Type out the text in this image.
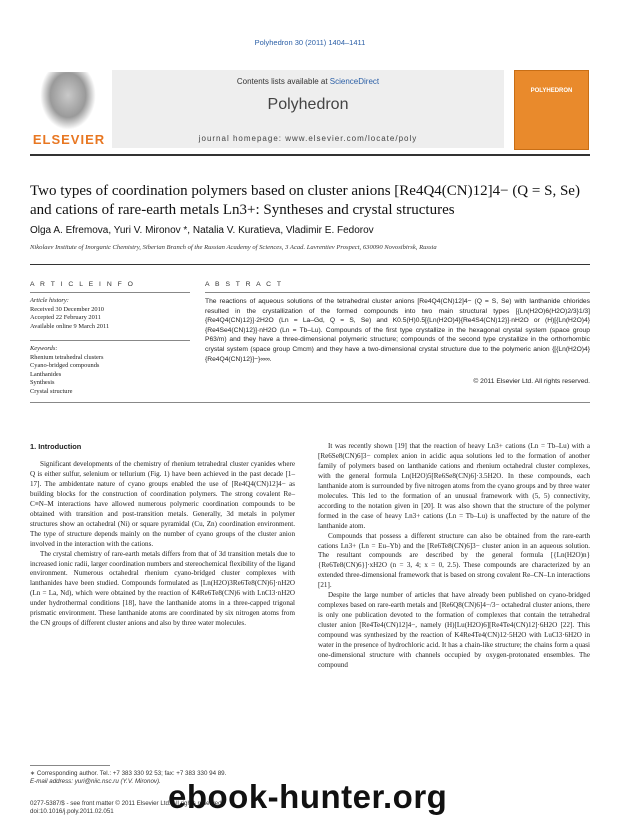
Polyhedron 30 (2011) 1404–1411
ELSEVIER
Contents lists available at ScienceDirect
Polyhedron
journal homepage: www.elsevier.com/locate/poly
POLYHEDRON
Two types of coordination polymers based on cluster anions [Re4Q4(CN)12]4− (Q = S, Se) and cations of rare-earth metals Ln3+: Syntheses and crystal structures
Olga A. Efremova, Yuri V. Mironov *, Natalia V. Kuratieva, Vladimir E. Fedorov
Nikolaev Institute of Inorganic Chemistry, Siberian Branch of the Russian Academy of Sciences, 3 Acad. Lavrentiev Prospect, 630090 Novosibirsk, Russia
A R T I C L E I N F O
Article history:
Received 30 December 2010
Accepted 22 February 2011
Available online 9 March 2011
Keywords:
Rhenium tetrahedral clusters
Cyano-bridged compounds
Lanthanides
Synthesis
Crystal structure
A B S T R A C T
The reactions of aqueous solutions of the tetrahedral cluster anions [Re4Q4(CN)12]4− (Q = S, Se) with lanthanide chlorides resulted in the crystallization of the formed compounds into two main structural types [{Ln(H2O)6(H2O)2/3}1/3]{Re4Q4(CN)12}]·2H2O (Ln = La–Gd, Q = S, Se) and K0.5(H)0.5[{Ln(H2O)4}{Re4S4(CN)12}]·nH2O or (H)[{Ln(H2O)4}{Re4Se4(CN)12}]·nH2O (Ln = Tb–Lu). Compounds of the first type crystallize in the hexagonal crystal system (space group P63/m) and they have a three-dimensional polymeric structure; compounds of the second type crystallize in the orthorhombic crystal system (space group Cmcm) and they have a two-dimensional crystal structure due to the polymeric anion {[{Ln(H2O)4}{Re4Q4(CN)12}]−}∞∞.
© 2011 Elsevier Ltd. All rights reserved.
1. Introduction
Significant developments of the chemistry of rhenium tetrahedral cluster cyanides where Q is either sulfur, selenium or tellurium (Fig. 1) have been achieved in the past decade [1–17]. The ambidentate nature of cyano groups enabled the use of [Re4Q4(CN)12]4− as building blocks for the construction of coordination polymers. The strong covalent Re–C≡N–M interactions have allowed numerous polymeric coordination compounds to be obtained with transition and post-transition metals. Generally, 3d metals in polymer structures show an octahedral (Ni) or square pyramidal (Cu, Zn) coordination environment. The type of structure depends mainly on the number of cyano groups of the cluster anion involved in the interaction with the cations.
The crystal chemistry of rare-earth metals differs from that of 3d transition metals due to increased ionic radii, larger coordination numbers and stereochemical flexibility of the ligand environment. Numerous octahedral rhenium cyano-bridged cluster complexes with lanthanides have been studied. Compounds formulated as [Ln(H2O)3Re6Te8(CN)6]·nH2O (Ln = La, Nd), which were obtained by the reaction of K4Re6Te8(CN)6 with LnCl3·nH2O under hydrothermal conditions [18], have the lanthanide atoms in a three-capped trigonal prismatic environment. These lanthanide atoms are coordinated by six nitrogen atoms from the CN groups of different cluster anions and also by three water molecules.
It was recently shown [19] that the reaction of heavy Ln3+ cations (Ln = Tb–Lu) with a [Re6Se8(CN)6]3− complex anion in acidic aqua solutions led to the formation of another family of polymers based on lanthanide cations and rhenium octahedral cluster complexes, with the general formula Ln(H2O)5[Re6Se8(CN)6]·3.5H2O. In these compounds, each lanthanide atom is surrounded by five nitrogen atoms from the cyano groups and by three water molecules. This led to the formation of an unusual framework with (5, 5) connectivity, according to the notation given in [20]. It was also shown that the structure of the polymer formed in the case of heavy Ln3+ cations (Ln = Tb–Lu) is unaffected by the nature of the lanthanide atom.
Compounds that possess a different structure can also be obtained from the rare-earth cations Ln3+ (Ln = Eu–Yb) and the [Re6Te8(CN)6]3− cluster anion in an aqueous solution. The resultant compounds are described by the general formula [{Ln(H2O)n}{Re6Te8(CN)6}]·xH2O (n = 3, 4; x = 0, 2.5). These compounds are characterized by an extended three-dimensional framework that is based on strong covalent Re–CN–Ln interactions [21].
Despite the large number of articles that have already been published on cyano-bridged complexes based on rare-earth metals and [Re6Q8(CN)6]4−/3− octahedral cluster anions, there is only one publication devoted to the formation of complexes that contain the tetrahedral cluster anion [Re4Te4(CN)12]4−, namely (H)[Lu(H2O)6][Re4Te4(CN)12]·6H2O [22]. This compound was synthesized by the reaction of K4Re4Te4(CN)12·5H2O with LuCl3·6H2O in water in the presence of hydrochloric acid. It has a chain-like structure; the chains form a quasi one-dimensional structure with channels occupied by oxygen-protonated ensembles. The compound
∗ Corresponding author. Tel.: +7 383 330 92 53; fax: +7 383 330 94 89.
E-mail address: yuri@niic.nsc.ru (Y.V. Mironov).
0277-5387/$ - see front matter © 2011 Elsevier Ltd. All rights reserved.
doi:10.1016/j.poly.2011.02.051	ebook-hunter.org
